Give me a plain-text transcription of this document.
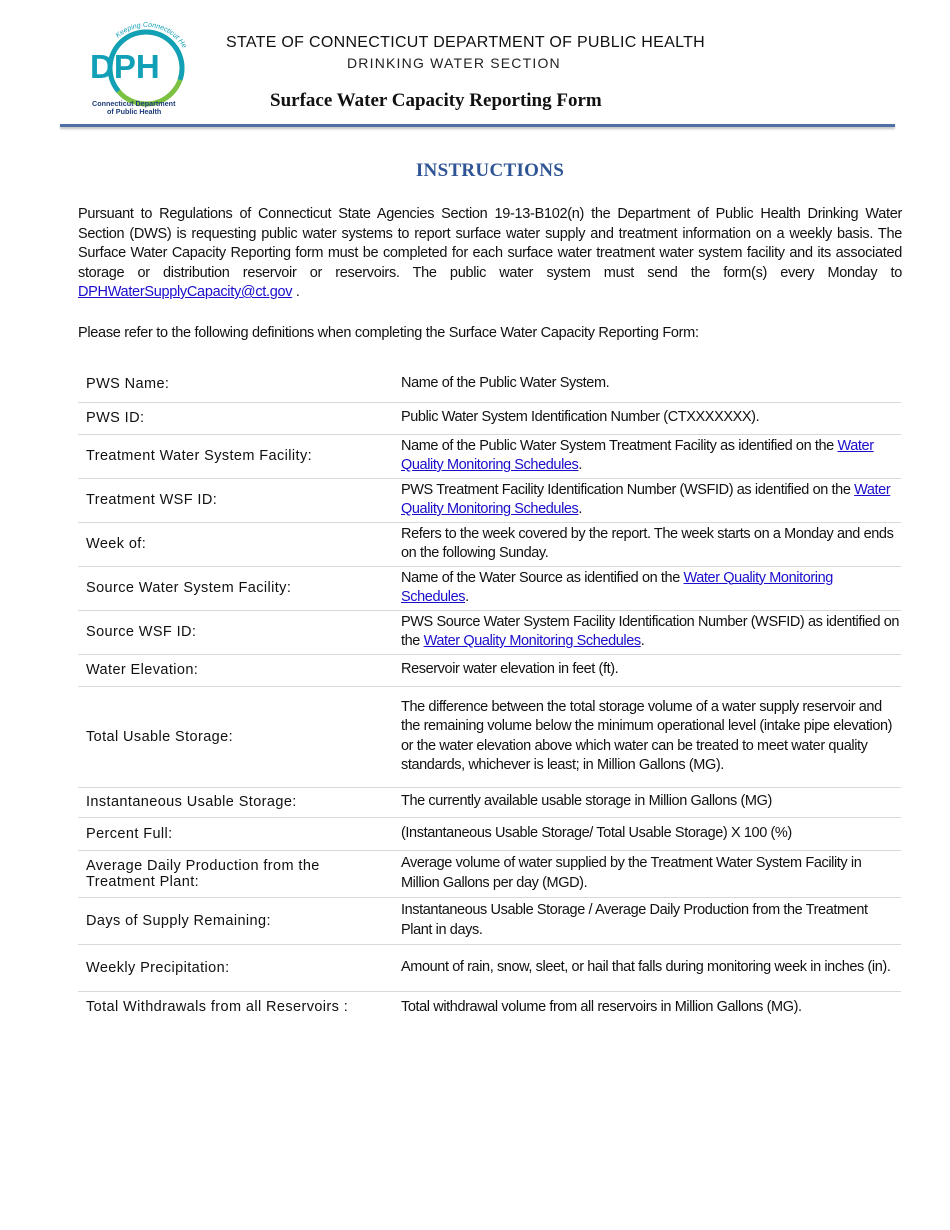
Keeping Connecticut He
DPH
Connecticut Department
of Public Health
STATE OF CONNECTICUT DEPARTMENT OF PUBLIC HEALTH
DRINKING WATER SECTION
Surface Water Capacity Reporting Form
INSTRUCTIONS
Pursuant to Regulations of Connecticut State Agencies Section 19-13-B102(n) the Department of Public Health Drinking Water Section (DWS) is requesting public water systems to report surface water supply and treatment information on a weekly basis. The Surface Water Capacity Reporting form must be completed for each surface water treatment water system facility and its associated storage or distribution reservoir or reservoirs. The public water system must send the form(s) every Monday to DPHWaterSupplyCapacity@ct.gov .
Please refer to the following definitions when completing the Surface Water Capacity Reporting Form:
PWS Name:	Name of the Public Water System.
PWS ID:	Public Water System Identification Number (CTXXXXXXX).
Treatment Water System Facility:	Name of the Public Water System Treatment Facility as identified on the Water Quality Monitoring Schedules.
Treatment WSF ID:	PWS Treatment Facility Identification Number (WSFID) as identified on the Water Quality Monitoring Schedules.
Week of:	Refers to the week covered by the report. The week starts on a Monday and ends on the following Sunday.
Source Water System Facility:	Name of the Water Source as identified on the Water Quality Monitoring Schedules.
Source WSF ID:	PWS Source Water System Facility Identification Number (WSFID) as identified on the Water Quality Monitoring Schedules.
Water Elevation:	Reservoir water elevation in feet (ft).
Total Usable Storage:	The difference between the total storage volume of a water supply reservoir and the remaining volume below the minimum operational level (intake pipe elevation) or the water elevation above which water can be treated to meet water quality standards, whichever is least; in Million Gallons (MG).
Instantaneous Usable Storage:	The currently available usable storage in Million Gallons (MG)
Percent Full:	(Instantaneous Usable Storage/ Total Usable Storage) X 100 (%)
Average Daily Production from the Treatment Plant:	Average volume of water supplied by the Treatment Water System Facility in Million Gallons per day (MGD).
Days of Supply Remaining:	Instantaneous Usable Storage / Average Daily Production from the Treatment Plant in days.
Weekly Precipitation:	Amount of rain, snow, sleet, or hail that falls during monitoring week in inches (in).
Total Withdrawals from all Reservoirs :	Total withdrawal volume from all reservoirs in Million Gallons (MG).
